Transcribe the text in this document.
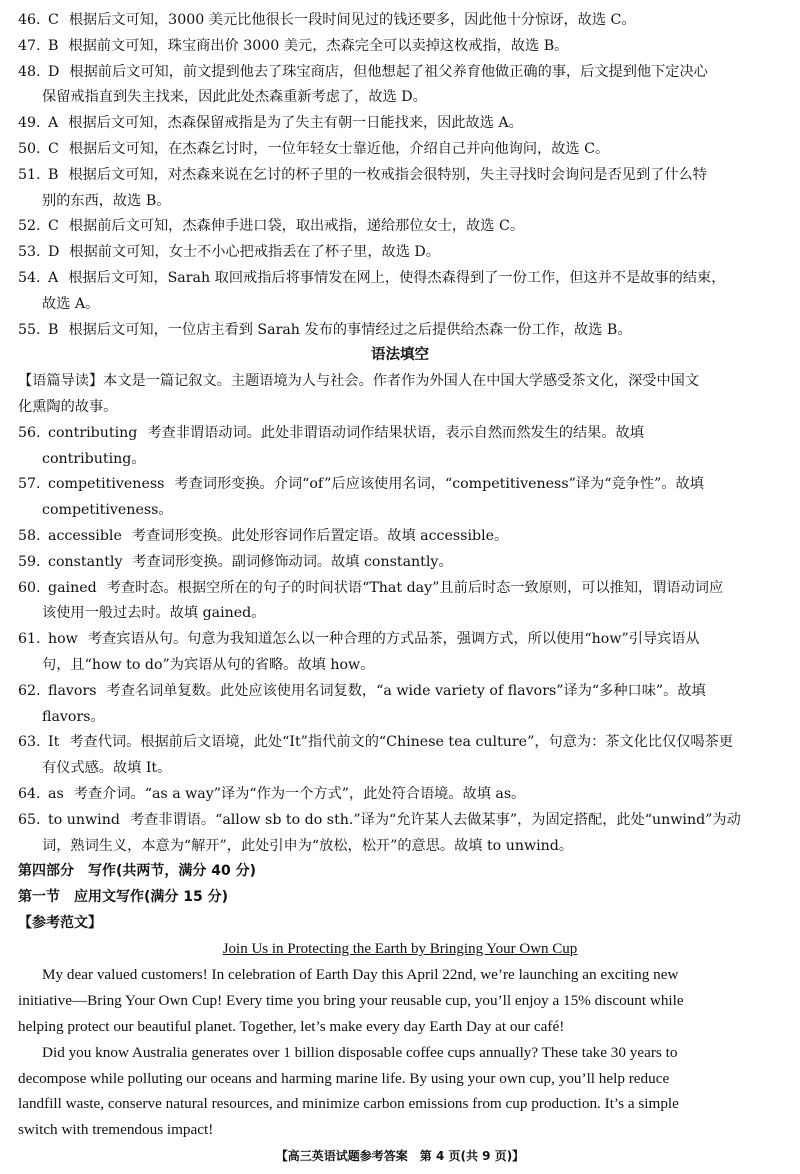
46. C 根据后文可知，3000 美元比他很长一段时间见过的钱还要多，因此他十分惊讶，故选 C。
47. B 根据前文可知，珠宝商出价 3000 美元，杰森完全可以卖掉这枚戒指，故选 B。
48. D 根据前后文可知，前文提到他去了珠宝商店，但他想起了祖父养育他做正确的事，后文提到他下定决心
保留戒指直到失主找来，因此此处杰森重新考虑了，故选 D。
49. A 根据后文可知，杰森保留戒指是为了失主有朝一日能找来，因此故选 A。
50. C 根据后文可知，在杰森乞讨时，一位年轻女士靠近他，介绍自己并向他询问，故选 C。
51. B 根据后文可知，对杰森来说在乞讨的杯子里的一枚戒指会很特别，失主寻找时会询问是否见到了什么特
别的东西，故选 B。
52. C 根据前后文可知，杰森伸手进口袋，取出戒指，递给那位女士，故选 C。
53. D 根据前文可知，女士不小心把戒指丢在了杯子里，故选 D。
54. A 根据后文可知，Sarah 取回戒指后将事情发在网上，使得杰森得到了一份工作，但这并不是故事的结束，
故选 A。
55. B 根据后文可知，一位店主看到 Sarah 发布的事情经过之后提供给杰森一份工作，故选 B。
语法填空
【语篇导读】本文是一篇记叙文。主题语境为人与社会。作者作为外国人在中国大学感受茶文化，深受中国文
化熏陶的故事。
56. contributing 考查非谓语动词。此处非谓语动词作结果状语，表示自然而然发生的结果。故填
contributing。
57. competitiveness 考查词形变换。介词“of”后应该使用名词，“competitiveness”译为“竞争性”。故填
competitiveness。
58. accessible 考查词形变换。此处形容词作后置定语。故填 accessible。
59. constantly 考查词形变换。副词修饰动词。故填 constantly。
60. gained 考查时态。根据空所在的句子的时间状语“That day”且前后时态一致原则，可以推知，谓语动词应
该使用一般过去时。故填 gained。
61. how 考查宾语从句。句意为我知道怎么以一种合理的方式品茶，强调方式，所以使用“how”引导宾语从
句，且“how to do”为宾语从句的省略。故填 how。
62. flavors 考查名词单复数。此处应该使用名词复数，“a wide variety of flavors”译为“多种口味”。故填
flavors。
63. It 考查代词。根据前后文语境，此处“It”指代前文的“Chinese tea culture”，句意为：茶文化比仅仅喝茶更
有仪式感。故填 It。
64. as 考查介词。“as a way”译为“作为一个方式”，此处符合语境。故填 as。
65. to unwind 考查非谓语。“allow sb to do sth.”译为“允许某人去做某事”，为固定搭配，此处“unwind”为动
词，熟词生义，本意为“解开”，此处引申为“放松，松开”的意思。故填 to unwind。
第四部分　写作(共两节，满分 40 分)
第一节　应用文写作(满分 15 分)
【参考范文】
Join Us in Protecting the Earth by Bringing Your Own Cup
My dear valued customers! In celebration of Earth Day this April 22nd, we’re launching an exciting new
initiative—Bring Your Own Cup! Every time you bring your reusable cup, you’ll enjoy a 15% discount while
helping protect our beautiful planet. Together, let’s make every day Earth Day at our café!
Did you know Australia generates over 1 billion disposable coffee cups annually? These take 30 years to
decompose while polluting our oceans and harming marine life. By using your own cup, you’ll help reduce
landfill waste, conserve natural resources, and minimize carbon emissions from cup production. It’s a simple
switch with tremendous impact!
【高三英语试题参考答案　第 4 页(共 9 页)】
